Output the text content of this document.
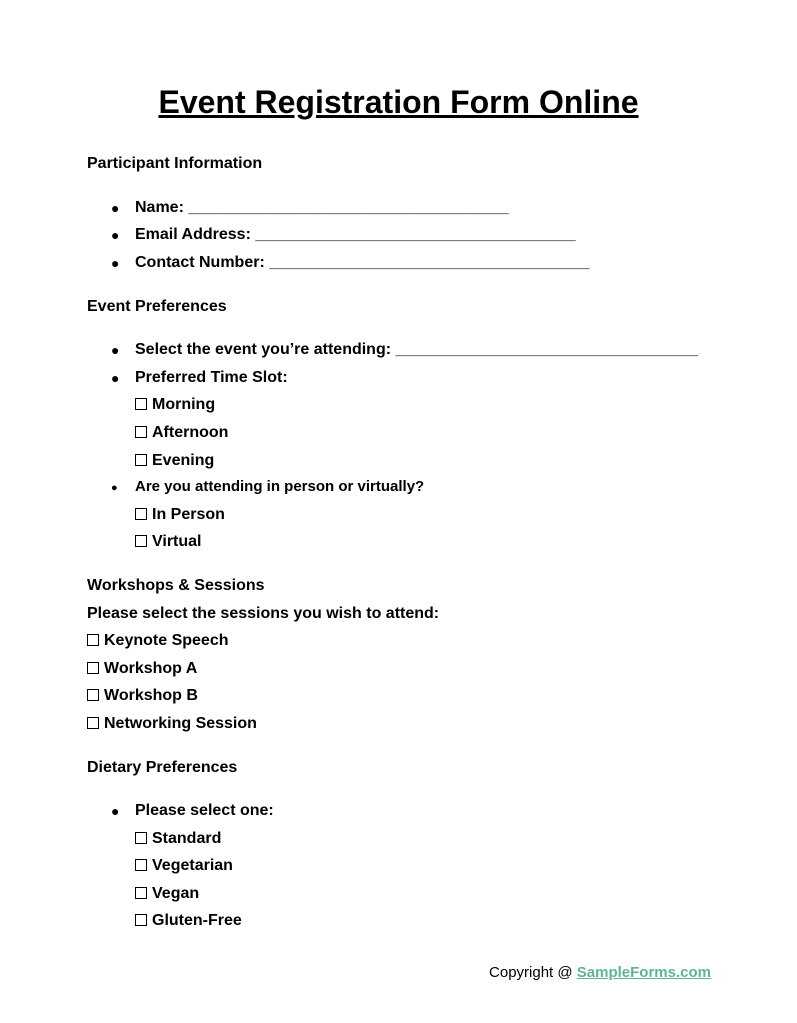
Event Registration Form Online
Participant Information
● Name: ____________________________________
● Email Address: ____________________________________
● Contact Number: ____________________________________
Event Preferences
● Select the event you’re attending: __________________________________
● Preferred Time Slot:
Morning
Afternoon
Evening
● Are you attending in person or virtually?
In Person
Virtual
Workshops & Sessions
Please select the sessions you wish to attend:
Keynote Speech
Workshop A
Workshop B
Networking Session
Dietary Preferences
● Please select one:
Standard
Vegetarian
Vegan
Gluten-Free
Copyright @ SampleForms.com
